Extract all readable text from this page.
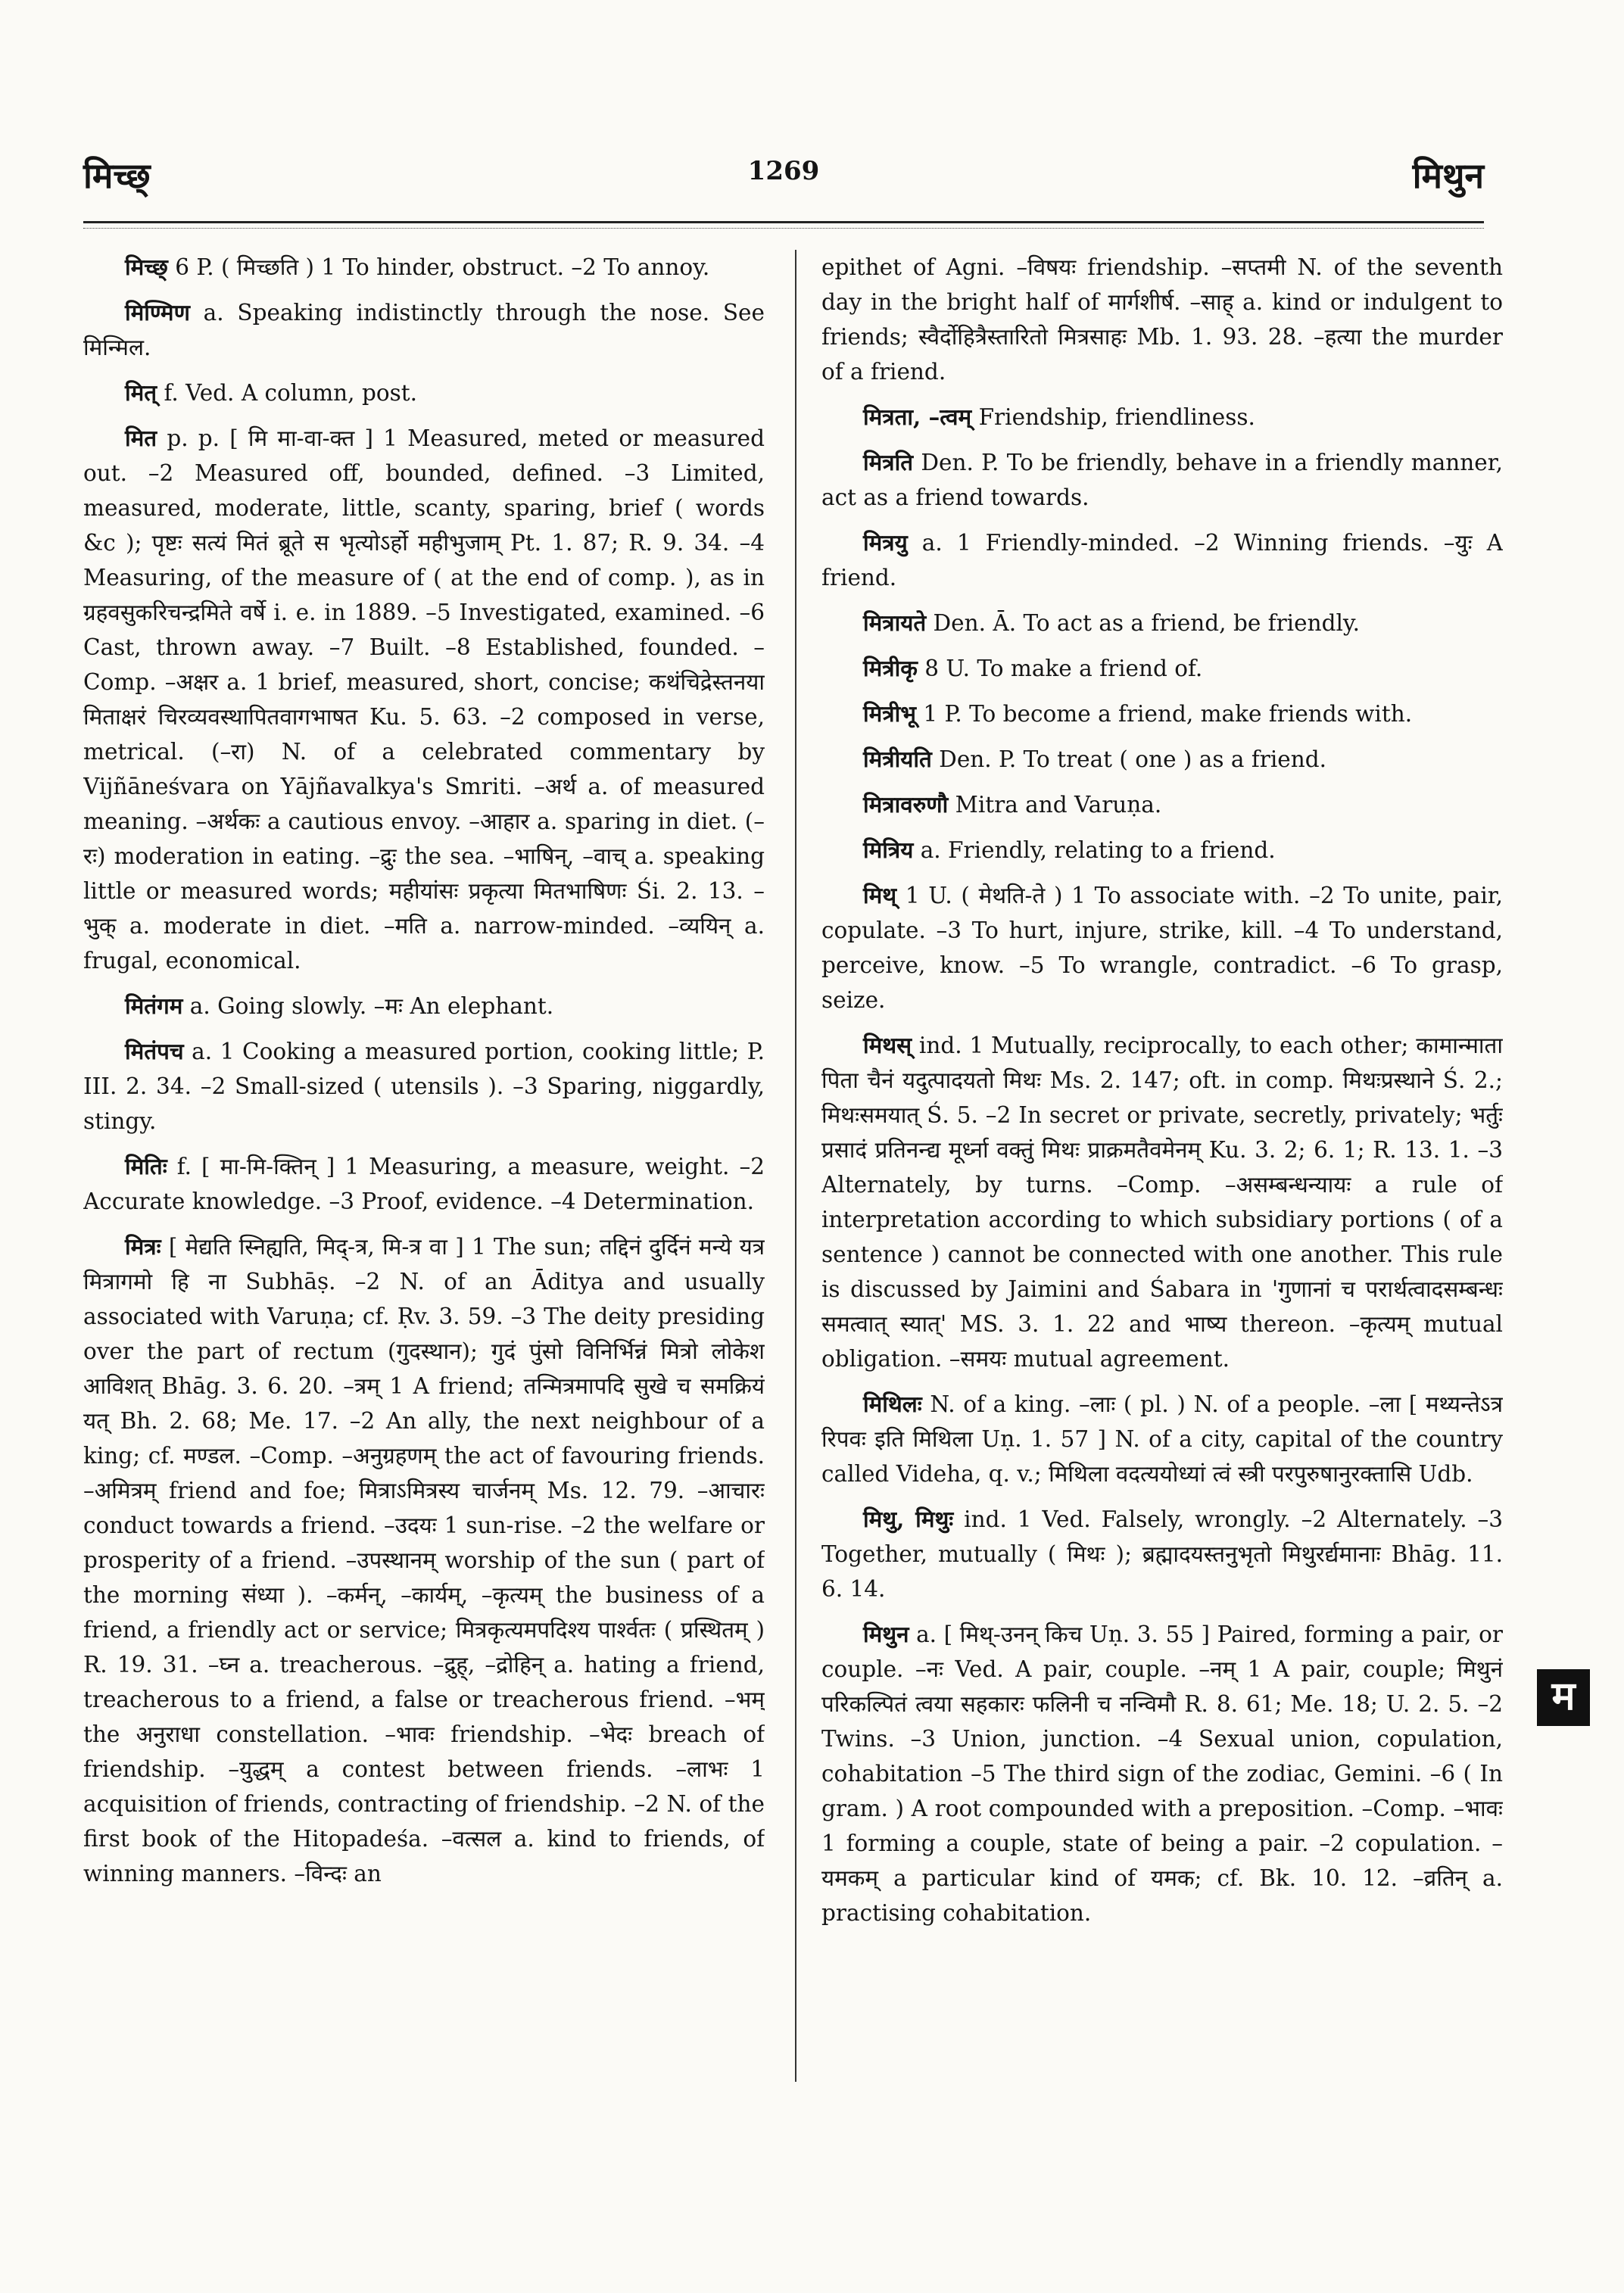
मिच्छ्	1269	मिथुन

मिच्छ् 6 P. ( मिच्छति ) 1 To hinder, obstruct. –2 To annoy.

मिण्मिण a. Speaking indistinctly through the nose. See मिन्मिल.

मित् f. Ved. A column, post.

मित p. p. [ मि मा-वा-क्त ] 1 Measured, meted or measured out. –2 Measured off, bounded, defined. –3 Limited, measured, moderate, little, scanty, sparing, brief ( words &c ); पृष्टः सत्यं मितं ब्रूते स भृत्योऽर्हो महीभुजाम् Pt. 1. 87; R. 9. 34. –4 Measuring, of the measure of ( at the end of comp. ), as in ग्रहवसुकरिचन्द्रमिते वर्षे i. e. in 1889. –5 Investigated, examined. –6 Cast, thrown away. –7 Built. –8 Established, founded. –Comp. –अक्षर a. 1 brief, measured, short, concise; कथंचिद्रेस्तनया मिताक्षरं चिरव्यवस्थापितवागभाषत Ku. 5. 63. –2 composed in verse, metrical. (–रा) N. of a celebrated commentary by Vijñāneśvara on Yājñavalkya's Smriti. –अर्थ a. of measured meaning. –अर्थकः a cautious envoy. –आहार a. sparing in diet. (–रः) moderation in eating. –द्रुः the sea. –भाषिन्, –वाच् a. speaking little or measured words; महीयांसः प्रकृत्या मितभाषिणः Śi. 2. 13. –भुक् a. moderate in diet. –मति a. narrow-minded. –व्ययिन् a. frugal, economical.

मितंगम a. Going slowly. –मः An elephant.

मितंपच a. 1 Cooking a measured portion, cooking little; P. III. 2. 34. –2 Small-sized ( utensils ). –3 Sparing, niggardly, stingy.

मितिः f. [ मा-मि-क्तिन् ] 1 Measuring, a measure, weight. –2 Accurate knowledge. –3 Proof, evidence. –4 Determination.

मित्रः [ मेद्यति स्निह्यति, मिद्-त्र, मि-त्र वा ] 1 The sun; तद्दिनं दुर्दिनं मन्ये यत्र मित्रागमो हि ना Subhāṣ. –2 N. of an Āditya and usually associated with Varuṇa; cf. Ṛv. 3. 59. –3 The deity presiding over the part of rectum (गुदस्थान); गुदं पुंसो विनिर्भिन्नं मित्रो लोकेश आविशत् Bhāg. 3. 6. 20. –त्रम् 1 A friend; तन्मित्रमापदि सुखे च समक्रियं यत् Bh. 2. 68; Me. 17. –2 An ally, the next neighbour of a king; cf. मण्डल. –Comp. –अनुग्रहणम् the act of favouring friends. –अमित्रम् friend and foe; मित्राऽमित्रस्य चार्जनम् Ms. 12. 79. –आचारः conduct towards a friend. –उदयः 1 sun-rise. –2 the welfare or prosperity of a friend. –उपस्थानम् worship of the sun ( part of the morning संध्या ). –कर्मन्, –कार्यम्, –कृत्यम् the business of a friend, a friendly act or service; मित्रकृत्यमपदिश्य पार्श्वतः ( प्रस्थितम् ) R. 19. 31. –घ्न a. treacherous. –द्रुह्, –द्रोहिन् a. hating a friend, treacherous to a friend, a false or treacherous friend. –भम् the अनुराधा constellation. –भावः friendship. –भेदः breach of friendship. –युद्धम् a contest between friends. –लाभः 1 acquisition of friends, contracting of friendship. –2 N. of the first book of the Hitopadeśa. –वत्सल a. kind to friends, of winning manners. –विन्दः an

epithet of Agni. –विषयः friendship. –सप्तमी N. of the seventh day in the bright half of मार्गशीर्ष. –साह् a. kind or indulgent to friends; स्वैर्दोहित्रैस्तारितो मित्रसाहः Mb. 1. 93. 28. –हत्या the murder of a friend.

मित्रता, –त्वम् Friendship, friendliness.

मित्रति Den. P. To be friendly, behave in a friendly manner, act as a friend towards.

मित्रयु a. 1 Friendly-minded. –2 Winning friends. –युः A friend.

मित्रायते Den. Ā. To act as a friend, be friendly.

मित्रीकृ 8 U. To make a friend of.

मित्रीभू 1 P. To become a friend, make friends with.

मित्रीयति Den. P. To treat ( one ) as a friend.

मित्रावरुणौ Mitra and Varuṇa.

मित्रिय a. Friendly, relating to a friend.

मिथ् 1 U. ( मेथति-ते ) 1 To associate with. –2 To unite, pair, copulate. –3 To hurt, injure, strike, kill. –4 To understand, perceive, know. –5 To wrangle, contradict. –6 To grasp, seize.

मिथस् ind. 1 Mutually, reciprocally, to each other; कामान्माता पिता चैनं यदुत्पादयतो मिथः Ms. 2. 147; oft. in comp. मिथःप्रस्थाने Ś. 2.; मिथःसमयात् Ś. 5. –2 In secret or private, secretly, privately; भर्तुः प्रसादं प्रतिनन्द्य मूर्ध्ना वक्तुं मिथः प्राक्रमतैवमेनम् Ku. 3. 2; 6. 1; R. 13. 1. –3 Alternately, by turns. –Comp. –असम्बन्धन्यायः a rule of interpretation according to which subsidiary portions ( of a sentence ) cannot be connected with one another. This rule is discussed by Jaimini and Śabara in 'गुणानां च परार्थत्वादसम्बन्धः समत्वात् स्यात्' MS. 3. 1. 22 and भाष्य thereon. –कृत्यम् mutual obligation. –समयः mutual agreement.

मिथिलः N. of a king. –लाः ( pl. ) N. of a people. –ला [ मथ्यन्तेऽत्र रिपवः इति मिथिला Uṇ. 1. 57 ] N. of a city, capital of the country called Videha, q. v.; मिथिला वदत्ययोध्यां त्वं स्त्री परपुरुषानुरक्तासि Udb.

मिथु, मिथुः ind. 1 Ved. Falsely, wrongly. –2 Alternately. –3 Together, mutually ( मिथः ); ब्रह्मादयस्तनुभृतो मिथुरर्द्यमानाः Bhāg. 11. 6. 14.

मिथुन a. [ मिथ्-उनन् किच Uṇ. 3. 55 ] Paired, forming a pair, or couple. –नः Ved. A pair, couple. –नम् 1 A pair, couple; मिथुनं परिकल्पितं त्वया सहकारः फलिनी च नन्विमौ R. 8. 61; Me. 18; U. 2. 5. –2 Twins. –3 Union, junction. –4 Sexual union, copulation, cohabitation –5 The third sign of the zodiac, Gemini. –6 ( In gram. ) A root compounded with a preposition. –Comp. –भावः 1 forming a couple, state of being a pair. –2 copulation. –यमकम् a particular kind of यमक; cf. Bk. 10. 12. –व्रतिन् a. practising cohabitation.

म
